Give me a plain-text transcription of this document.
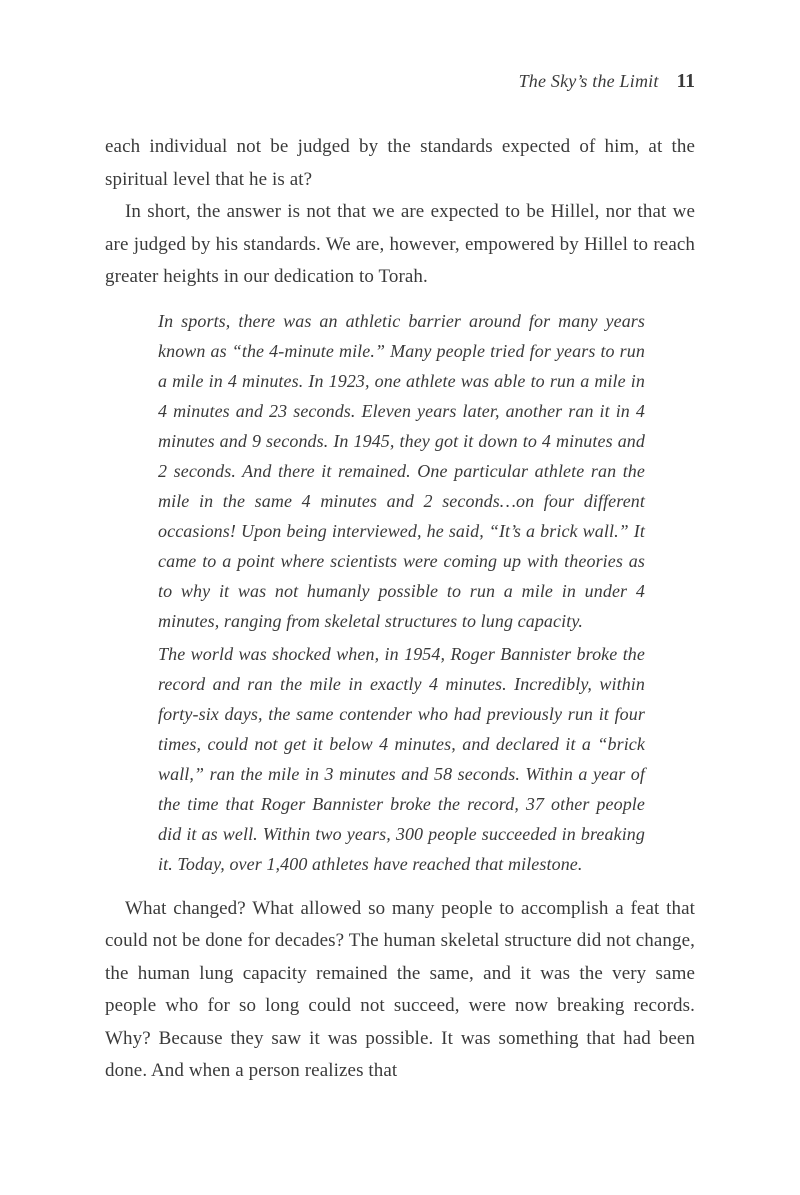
The Sky’s the Limit 11

each individual not be judged by the standards expected of him, at the spiritual level that he is at?

In short, the answer is not that we are expected to be Hillel, nor that we are judged by his standards. We are, however, empowered by Hillel to reach greater heights in our dedication to Torah.

In sports, there was an athletic barrier around for many years known as “the 4-minute mile.” Many people tried for years to run a mile in 4 minutes. In 1923, one athlete was able to run a mile in 4 minutes and 23 seconds. Eleven years later, another ran it in 4 minutes and 9 seconds. In 1945, they got it down to 4 minutes and 2 seconds. And there it remained. One particular athlete ran the mile in the same 4 minutes and 2 seconds…on four different occasions! Upon being interviewed, he said, “It’s a brick wall.” It came to a point where scientists were coming up with theories as to why it was not humanly possible to run a mile in under 4 minutes, ranging from skeletal structures to lung capacity.

The world was shocked when, in 1954, Roger Bannister broke the record and ran the mile in exactly 4 minutes. Incredibly, within forty-six days, the same contender who had previously run it four times, could not get it below 4 minutes, and declared it a “brick wall,” ran the mile in 3 minutes and 58 seconds. Within a year of the time that Roger Bannister broke the record, 37 other people did it as well. Within two years, 300 people succeeded in breaking it. Today, over 1,400 athletes have reached that milestone.

What changed? What allowed so many people to accomplish a feat that could not be done for decades? The human skeletal structure did not change, the human lung capacity remained the same, and it was the very same people who for so long could not succeed, were now breaking records. Why? Because they saw it was possible. It was something that had been done. And when a person realizes that
